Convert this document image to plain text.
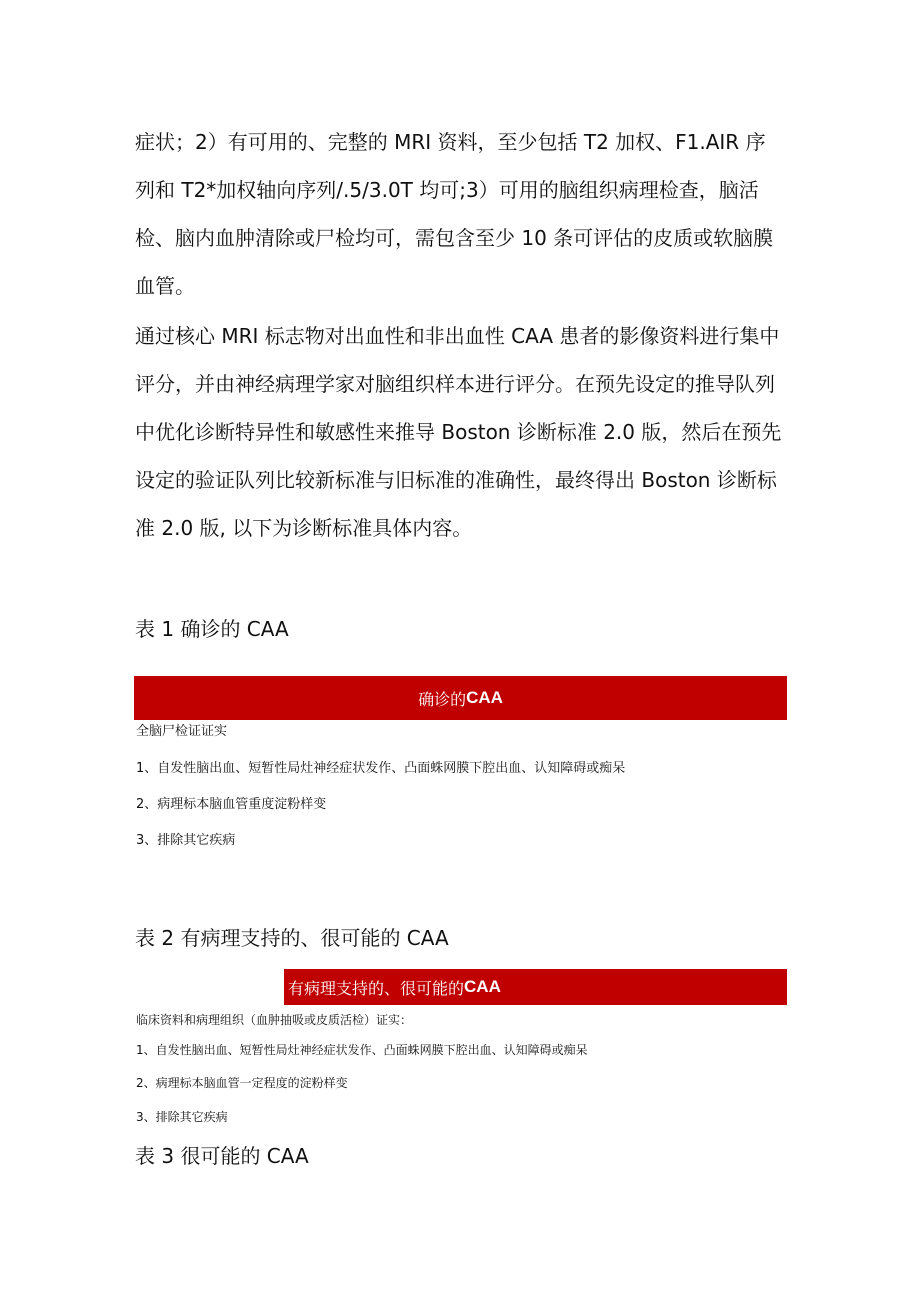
症状；2）有可用的、完整的 MRI 资料，至少包括 T2 加权、F1.AIR 序
列和 T2*加权轴向序列/.5/3.0T 均可;3）可用的脑组织病理检查，脑活
检、脑内血肿清除或尸检均可，需包含至少 10 条可评估的皮质或软脑膜
血管。
通过核心 MRI 标志物对出血性和非出血性 CAA 患者的影像资料进行集中
评分，并由神经病理学家对脑组织样本进行评分。在预先设定的推导队列
中优化诊断特异性和敏感性来推导 Boston 诊断标准 2.0 版，然后在预先
设定的验证队列比较新标准与旧标准的准确性，最终得出 Boston 诊断标
准 2.0 版, 以下为诊断标准具体内容。
表 1 确诊的 CAA
确诊的 CAA

全脑尸检证证实

1、自发性脑出血、短暂性局灶神经症状发作、凸面蛛网膜下腔出血、认知障碍或痴呆

2、病理标本脑血管重度淀粉样变

3、排除其它疾病

表 2 有病理支持的、很可能的 CAA
有病理支持的、很可能的 CAA

临床资料和病理组织（血肿抽吸或皮质活检）证实：

1、自发性脑出血、短暂性局灶神经症状发作、凸面蛛网膜下腔出血、认知障碍或痴呆

2、病理标本脑血管一定程度的淀粉样变

3、排除其它疾病

表 3 很可能的 CAA
